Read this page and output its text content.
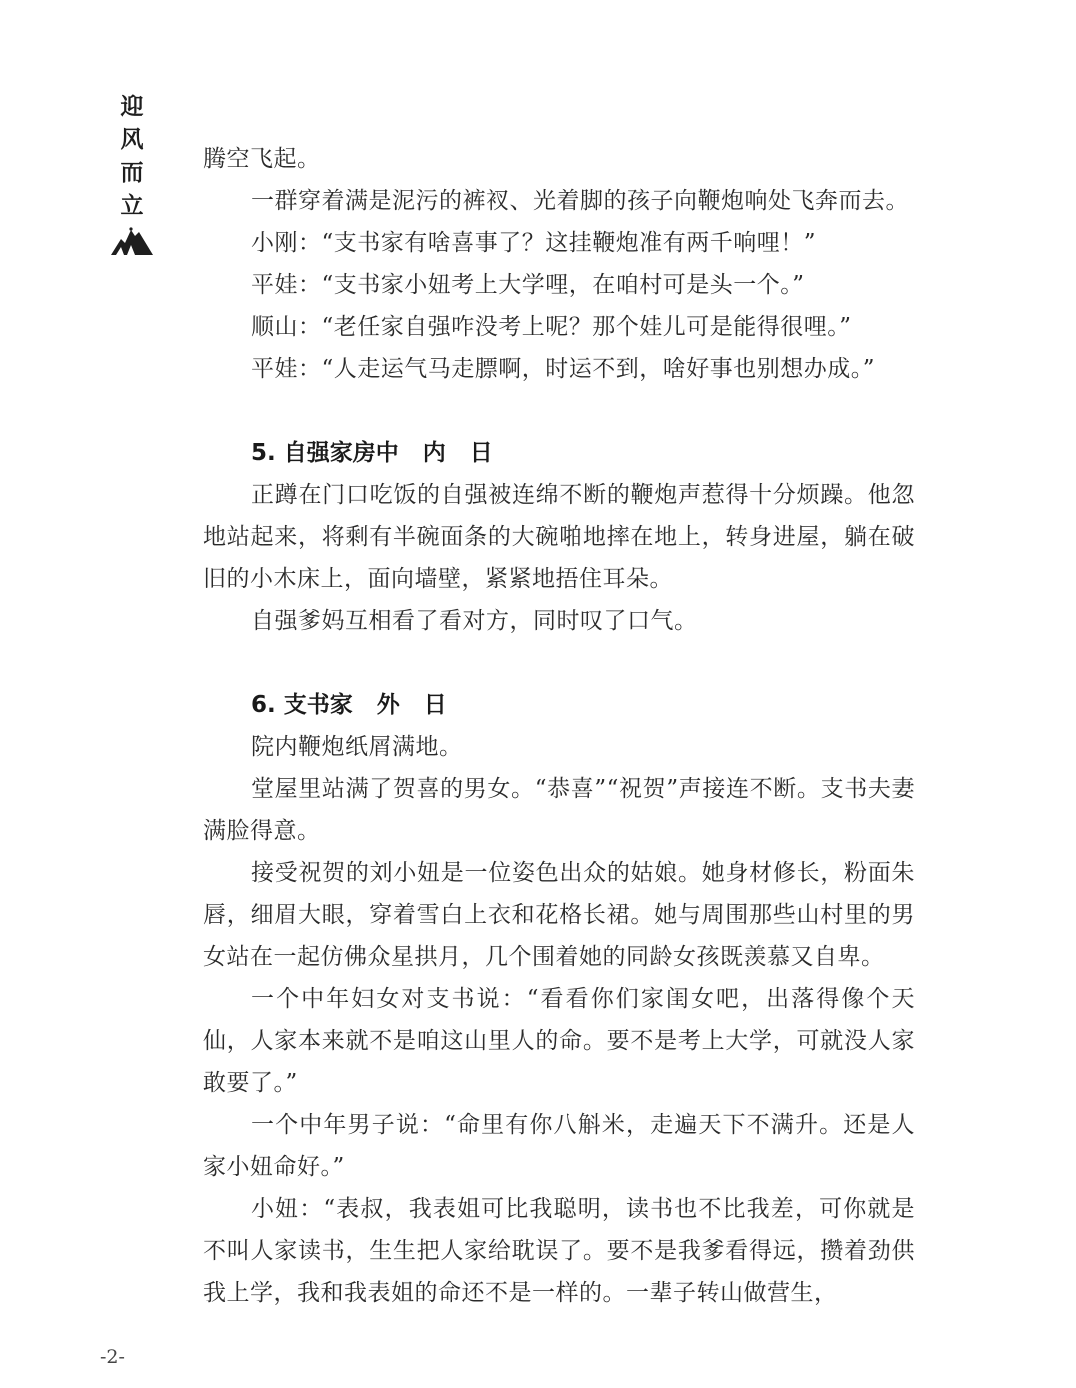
迎
风
而
立

腾空飞起。

一群穿着满是泥污的裤衩、光着脚的孩子向鞭炮响处飞奔而去。

小刚：“支书家有啥喜事了？这挂鞭炮准有两千响哩！”

平娃：“支书家小妞考上大学哩，在咱村可是头一个。”

顺山：“老任家自强咋没考上呢？那个娃儿可是能得很哩。”

平娃：“人走运气马走膘啊，时运不到，啥好事也别想办成。”

5. 自强家房中 内 日

正蹲在门口吃饭的自强被连绵不断的鞭炮声惹得十分烦躁。他忽地站起来，将剩有半碗面条的大碗啪地摔在地上，转身进屋，躺在破旧的小木床上，面向墙壁，紧紧地捂住耳朵。

自强爹妈互相看了看对方，同时叹了口气。

6. 支书家 外 日

院内鞭炮纸屑满地。

堂屋里站满了贺喜的男女。“恭喜”“祝贺”声接连不断。支书夫妻满脸得意。

接受祝贺的刘小妞是一位姿色出众的姑娘。她身材修长，粉面朱唇，细眉大眼，穿着雪白上衣和花格长裙。她与周围那些山村里的男女站在一起仿佛众星拱月，几个围着她的同龄女孩既羡慕又自卑。

一个中年妇女对支书说：“看看你们家闺女吧，出落得像个天仙，人家本来就不是咱这山里人的命。要不是考上大学，可就没人家敢要了。”

一个中年男子说：“命里有你八斛米，走遍天下不满升。还是人家小妞命好。”

小妞：“表叔，我表姐可比我聪明，读书也不比我差，可你就是不叫人家读书，生生把人家给耽误了。要不是我爹看得远，攒着劲供我上学，我和我表姐的命还不是一样的。一辈子转山做营生，

-2-
